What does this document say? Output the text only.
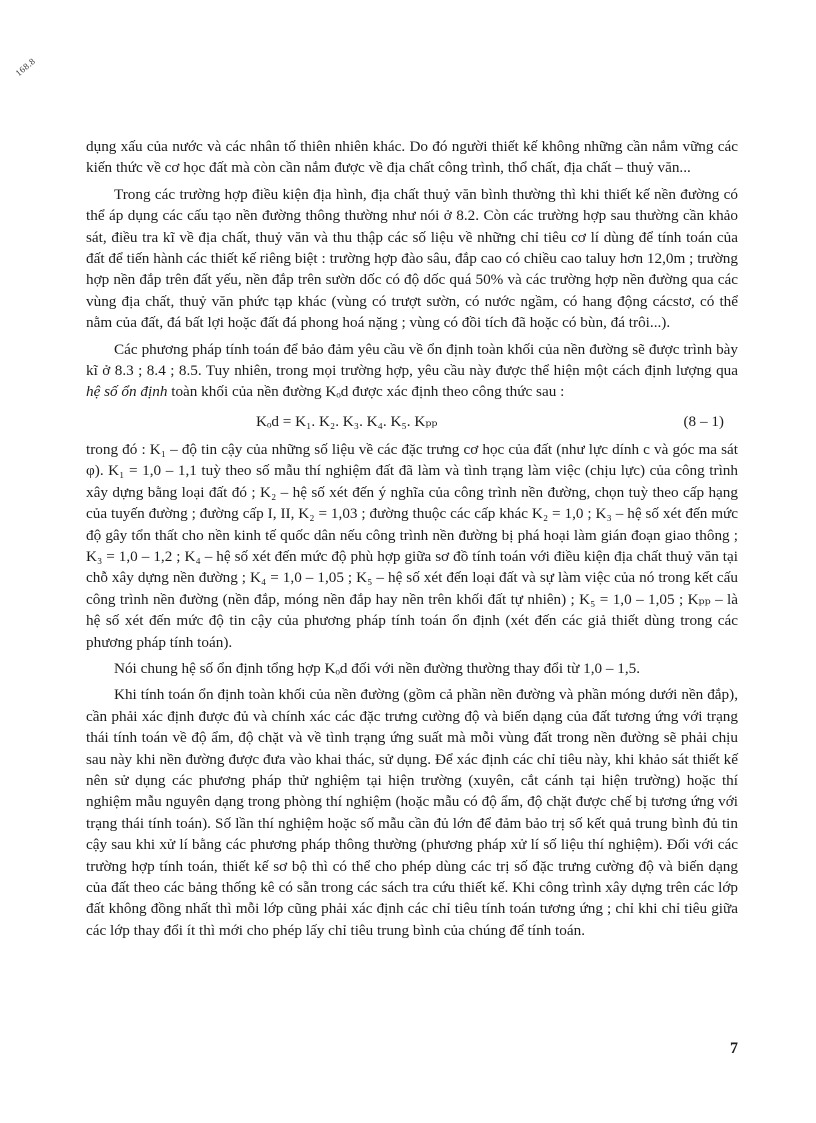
168.8

dụng xấu của nước và các nhân tố thiên nhiên khác. Do đó người thiết kế không những cần nắm vững các kiến thức về cơ học đất mà còn cần nắm được về địa chất công trình, thổ chất, địa chất – thuỷ văn...

Trong các trường hợp điều kiện địa hình, địa chất thuỷ văn bình thường thì khi thiết kế nền đường có thể áp dụng các cấu tạo nền đường thông thường như nói ở 8.2. Còn các trường hợp sau thường cần khảo sát, điều tra kĩ về địa chất, thuỷ văn và thu thập các số liệu về những chỉ tiêu cơ lí dùng để tính toán của đất để tiến hành các thiết kế riêng biệt : trường hợp đào sâu, đắp cao có chiều cao taluy hơn 12,0m ; trường hợp nền đắp trên đất yếu, nền đắp trên sườn dốc có độ dốc quá 50% và các trường hợp nền đường qua các vùng địa chất, thuỷ văn phức tạp khác (vùng có trượt sườn, có nước ngầm, có hang động cácstơ, có thể nằm của đất, đá bất lợi hoặc đất đá phong hoá nặng ; vùng có đồi tích đã hoặc có bùn, đá trôi...).

Các phương pháp tính toán để bảo đảm yêu cầu về ổn định toàn khối của nền đường sẽ được trình bày kĩ ở 8.3 ; 8.4 ; 8.5. Tuy nhiên, trong mọi trường hợp, yêu cầu này được thể hiện một cách định lượng qua hệ số ổn định toàn khối của nền đường Kₒd được xác định theo công thức sau :

Kₒd = K₁. K₂. K₃. K₄. K₅. Kₚₚ	(8 – 1)

trong đó : K₁ – độ tin cậy của những số liệu về các đặc trưng cơ học của đất (như lực dính c và góc ma sát φ). K₁ = 1,0 – 1,1 tuỳ theo số mẫu thí nghiệm đất đã làm và tình trạng làm việc (chịu lực) của công trình xây dựng bằng loại đất đó ; K₂ – hệ số xét đến ý nghĩa của công trình nền đường, chọn tuỳ theo cấp hạng của tuyến đường ; đường cấp I, II, K₂ = 1,03 ; đường thuộc các cấp khác K₂ = 1,0 ; K₃ – hệ số xét đến mức độ gây tổn thất cho nền kinh tế quốc dân nếu công trình nền đường bị phá hoại làm gián đoạn giao thông ; K₃ = 1,0 – 1,2 ; K₄ – hệ số xét đến mức độ phù hợp giữa sơ đồ tính toán với điều kiện địa chất thuỷ văn tại chỗ xây dựng nền đường ; K₄ = 1,0 – 1,05 ; K₅ – hệ số xét đến loại đất và sự làm việc của nó trong kết cấu công trình nền đường (nền đắp, móng nền đắp hay nền trên khối đất tự nhiên) ; K₅ = 1,0 – 1,05 ; Kₚₚ – là hệ số xét đến mức độ tin cậy của phương pháp tính toán ổn định (xét đến các giả thiết dùng trong các phương pháp tính toán).

Nói chung hệ số ổn định tổng hợp Kₒd đối với nền đường thường thay đổi từ 1,0 – 1,5.

Khi tính toán ổn định toàn khối của nền đường (gồm cả phần nền đường và phần móng dưới nền đắp), cần phải xác định được đủ và chính xác các đặc trưng cường độ và biến dạng của đất tương ứng với trạng thái tính toán về độ ẩm, độ chặt và về tình trạng ứng suất mà mỗi vùng đất trong nền đường sẽ phải chịu sau này khi nền đường được đưa vào khai thác, sử dụng. Để xác định các chỉ tiêu này, khi khảo sát thiết kế nên sử dụng các phương pháp thử nghiệm tại hiện trường (xuyên, cắt cánh tại hiện trường) hoặc thí nghiệm mẫu nguyên dạng trong phòng thí nghiệm (hoặc mẫu có độ ẩm, độ chặt được chế bị tương ứng với trạng thái tính toán). Số lần thí nghiệm hoặc số mẫu cần đủ lớn để đảm bảo trị số kết quả trung bình đủ tin cậy sau khi xử lí bằng các phương pháp thông thường (phương pháp xử lí số liệu thí nghiệm). Đối với các trường hợp tính toán, thiết kế sơ bộ thì có thể cho phép dùng các trị số đặc trưng cường độ và biến dạng của đất theo các bảng thống kê có sẵn trong các sách tra cứu thiết kế. Khi công trình xây dựng trên các lớp đất không đồng nhất thì mỗi lớp cũng phải xác định các chỉ tiêu tính toán tương ứng ; chỉ khi chỉ tiêu giữa các lớp thay đổi ít thì mới cho phép lấy chỉ tiêu trung bình của chúng để tính toán.

7
